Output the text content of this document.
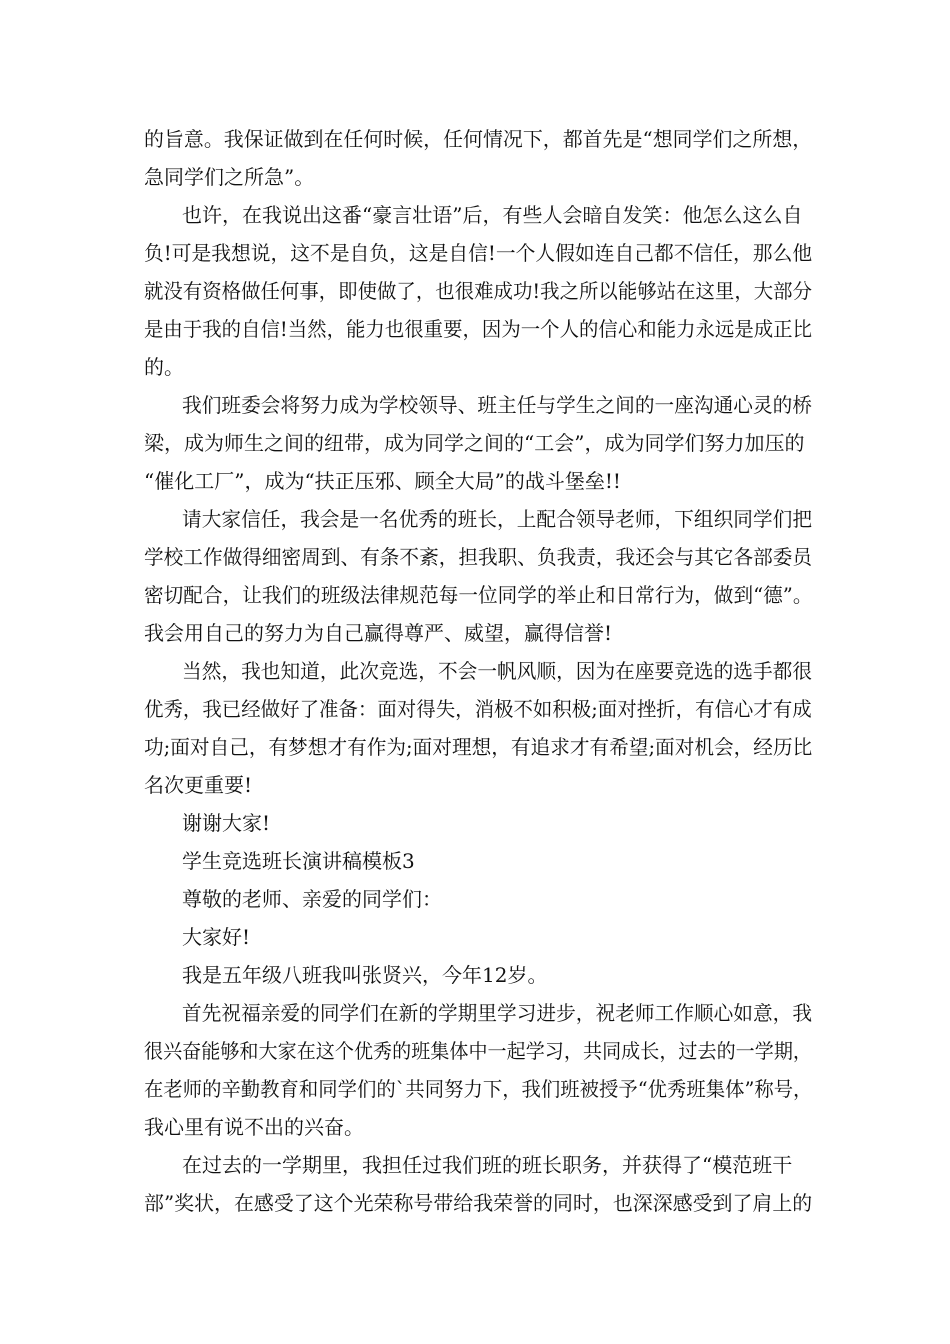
的旨意。我保证做到在任何时候，任何情况下，都首先是“想同学们之所想，
急同学们之所急”。
也许，在我说出这番“豪言壮语”后，有些人会暗自发笑：他怎么这么自
负!可是我想说，这不是自负，这是自信!一个人假如连自己都不信任，那么他
就没有资格做任何事，即使做了，也很难成功!我之所以能够站在这里，大部分
是由于我的自信!当然，能力也很重要，因为一个人的信心和能力永远是成正比
的。
我们班委会将努力成为学校领导、班主任与学生之间的一座沟通心灵的桥
梁，成为师生之间的纽带，成为同学之间的“工会”，成为同学们努力加压的
“催化工厂”，成为“扶正压邪、顾全大局”的战斗堡垒!!
请大家信任，我会是一名优秀的班长，上配合领导老师，下组织同学们把
学校工作做得细密周到、有条不紊，担我职、负我责，我还会与其它各部委员
密切配合，让我们的班级法律规范每一位同学的举止和日常行为，做到“德”。
我会用自己的努力为自己赢得尊严、威望，赢得信誉!
当然，我也知道，此次竞选，不会一帆风顺，因为在座要竞选的选手都很
优秀，我已经做好了准备：面对得失，消极不如积极;面对挫折，有信心才有成
功;面对自己，有梦想才有作为;面对理想，有追求才有希望;面对机会，经历比
名次更重要!
谢谢大家!
学生竞选班长演讲稿模板3
尊敬的老师、亲爱的同学们：
大家好!
我是五年级八班我叫张贤兴，今年12岁。
首先祝福亲爱的同学们在新的学期里学习进步，祝老师工作顺心如意，我
很兴奋能够和大家在这个优秀的班集体中一起学习，共同成长，过去的一学期，
在老师的辛勤教育和同学们的`共同努力下，我们班被授予“优秀班集体”称号，
我心里有说不出的兴奋。
在过去的一学期里，我担任过我们班的班长职务，并获得了“模范班干
部”奖状，在感受了这个光荣称号带给我荣誉的同时，也深深感受到了肩上的
